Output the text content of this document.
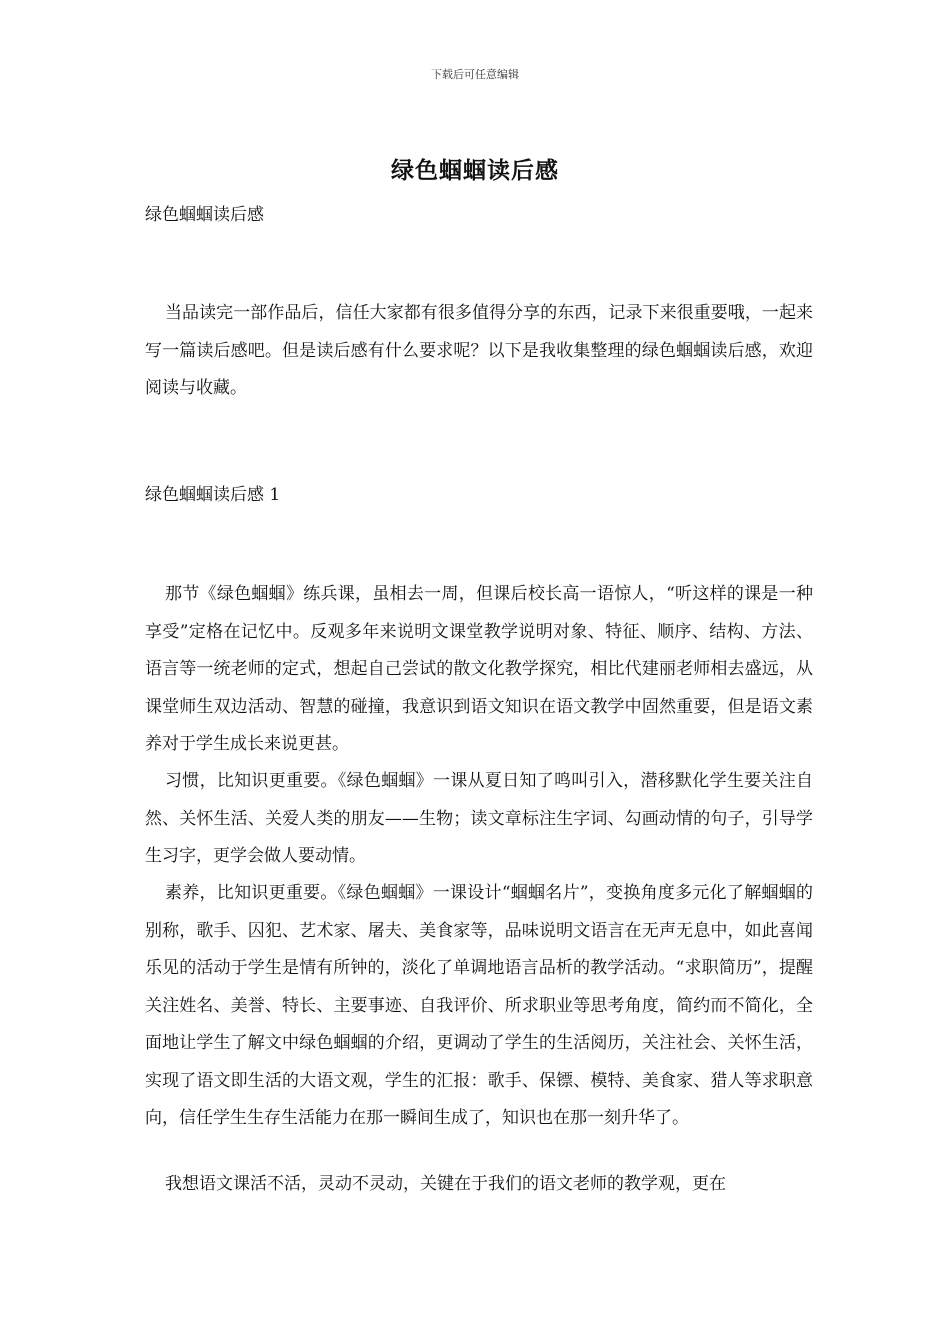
下载后可任意编辑
绿色蝈蝈读后感
绿色蝈蝈读后感

当品读完一部作品后，信任大家都有很多值得分享的东西，记录下来很重要哦，一起来写一篇读后感吧。但是读后感有什么要求呢？以下是我收集整理的绿色蝈蝈读后感，欢迎阅读与收藏。

绿色蝈蝈读后感 1

那节《绿色蝈蝈》练兵课，虽相去一周，但课后校长高一语惊人，“听这样的课是一种享受”定格在记忆中。反观多年来说明文课堂教学说明对象、特征、顺序、结构、方法、语言等一统老师的定式，想起自己尝试的散文化教学探究，相比代建丽老师相去盛远，从课堂师生双边活动、智慧的碰撞，我意识到语文知识在语文教学中固然重要，但是语文素养对于学生成长来说更甚。

习惯，比知识更重要。《绿色蝈蝈》一课从夏日知了鸣叫引入，潜移默化学生要关注自然、关怀生活、关爱人类的朋友——生物；读文章标注生字词、勾画动情的句子，引导学生习字，更学会做人要动情。

素养，比知识更重要。《绿色蝈蝈》一课设计“蝈蝈名片”，变换角度多元化了解蝈蝈的别称，歌手、囚犯、艺术家、屠夫、美食家等，品味说明文语言在无声无息中，如此喜闻乐见的活动于学生是情有所钟的，淡化了单调地语言品析的教学活动。“求职简历”，提醒关注姓名、美誉、特长、主要事迹、自我评价、所求职业等思考角度，简约而不简化，全面地让学生了解文中绿色蝈蝈的介绍，更调动了学生的生活阅历，关注社会、关怀生活，实现了语文即生活的大语文观，学生的汇报：歌手、保镖、模特、美食家、猎人等求职意向，信任学生生存生活能力在那一瞬间生成了，知识也在那一刻升华了。

我想语文课活不活，灵动不灵动，关键在于我们的语文老师的教学观，更在
